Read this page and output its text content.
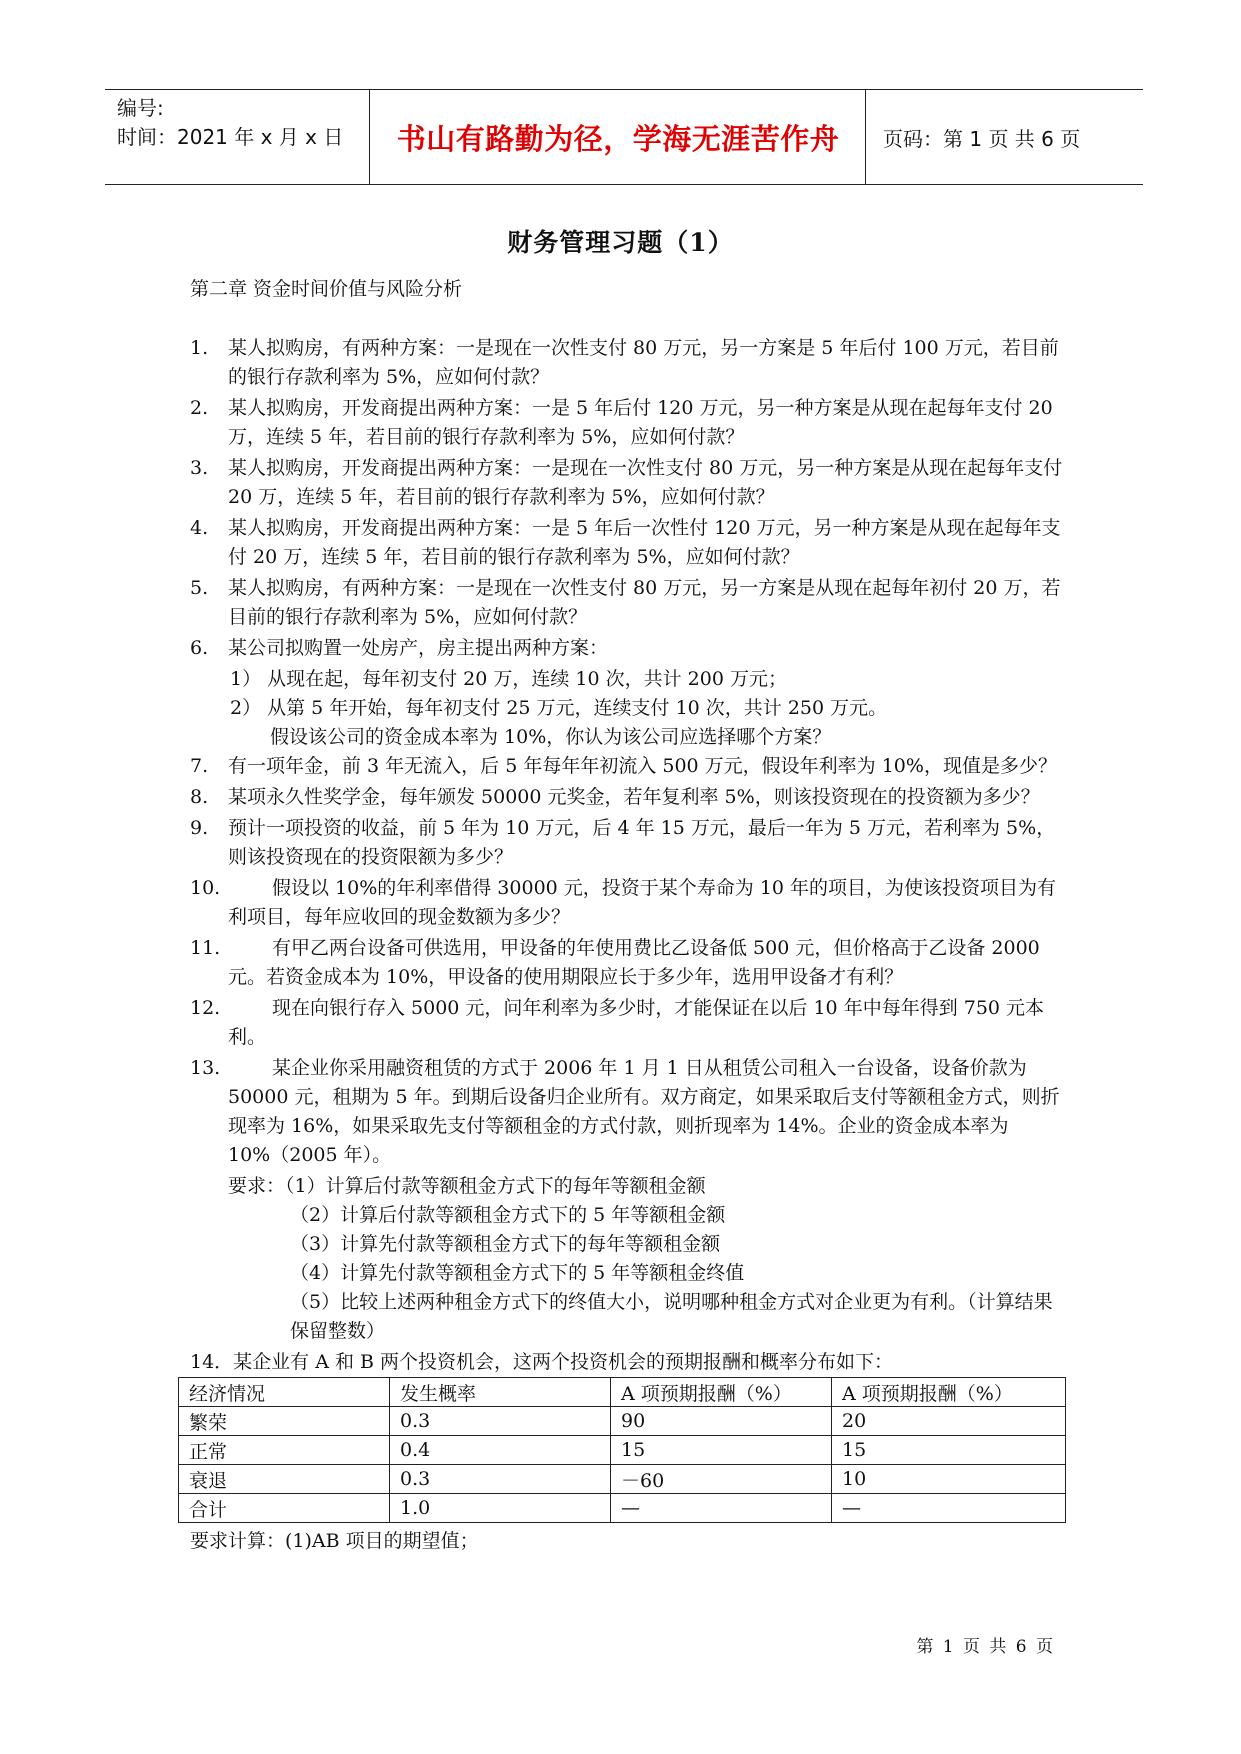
编号:
时间：2021 年 x 月 x 日	书山有路勤为径，学海无涯苦作舟	页码：第 1 页 共 6 页
财务管理习题（1）
第二章 资金时间价值与风险分析
1. 某人拟购房，有两种方案：一是现在一次性支付 80 万元，另一方案是 5 年后付 100 万元，若目前的银行存款利率为 5%，应如何付款？
2. 某人拟购房，开发商提出两种方案：一是 5 年后付 120 万元，另一种方案是从现在起每年支付 20 万，连续 5 年，若目前的银行存款利率为 5%，应如何付款？
3. 某人拟购房，开发商提出两种方案：一是现在一次性支付 80 万元，另一种方案是从现在起每年支付 20 万，连续 5 年，若目前的银行存款利率为 5%，应如何付款？
4. 某人拟购房，开发商提出两种方案：一是 5 年后一次性付 120 万元，另一种方案是从现在起每年支付 20 万，连续 5 年，若目前的银行存款利率为 5%，应如何付款？
5. 某人拟购房，有两种方案：一是现在一次性支付 80 万元，另一方案是从现在起每年初付 20 万，若目前的银行存款利率为 5%，应如何付款？
6. 某公司拟购置一处房产，房主提出两种方案：
1） 从现在起，每年初支付 20 万，连续 10 次，共计 200 万元；
2） 从第 5 年开始，每年初支付 25 万元，连续支付 10 次，共计 250 万元。
假设该公司的资金成本率为 10%，你认为该公司应选择哪个方案？
7. 有一项年金，前 3 年无流入，后 5 年每年年初流入 500 万元，假设年利率为 10%，现值是多少？
8. 某项永久性奖学金，每年颁发 50000 元奖金，若年复利率 5%，则该投资现在的投资额为多少？
9. 预计一项投资的收益，前 5 年为 10 万元，后 4 年 15 万元，最后一年为 5 万元，若利率为 5%，则该投资现在的投资限额为多少？
10.	假设以 10%的年利率借得 30000 元，投资于某个寿命为 10 年的项目，为使该投资项目为有利项目，每年应收回的现金数额为多少？
11.	有甲乙两台设备可供选用，甲设备的年使用费比乙设备低 500 元，但价格高于乙设备 2000 元。若资金成本为 10%，甲设备的使用期限应长于多少年，选用甲设备才有利？
12.	现在向银行存入 5000 元，问年利率为多少时，才能保证在以后 10 年中每年得到 750 元本利。
13.	某企业你采用融资租赁的方式于 2006 年 1 月 1 日从租赁公司租入一台设备，设备价款为 50000 元，租期为 5 年。到期后设备归企业所有。双方商定，如果采取后支付等额租金方式，则折现率为 16%，如果采取先支付等额租金的方式付款，则折现率为 14%。企业的资金成本率为 10%（2005 年）。
要求：（1）计算后付款等额租金方式下的每年等额租金额
（2）计算后付款等额租金方式下的 5 年等额租金额
（3）计算先付款等额租金方式下的每年等额租金额
（4）计算先付款等额租金方式下的 5 年等额租金终值
（5）比较上述两种租金方式下的终值大小，说明哪种租金方式对企业更为有利。（计算结果保留整数）
14．某企业有 A 和 B 两个投资机会，这两个投资机会的预期报酬和概率分布如下：
经济情况	发生概率	A 项预期报酬（%）	A 项预期报酬（%）
繁荣	0.3	90	20
正常	0.4	15	15
衰退	0.3	－60	10
合计	1.0	—	—
要求计算：(1)AB 项目的期望值；
第 1 页 共 6 页
